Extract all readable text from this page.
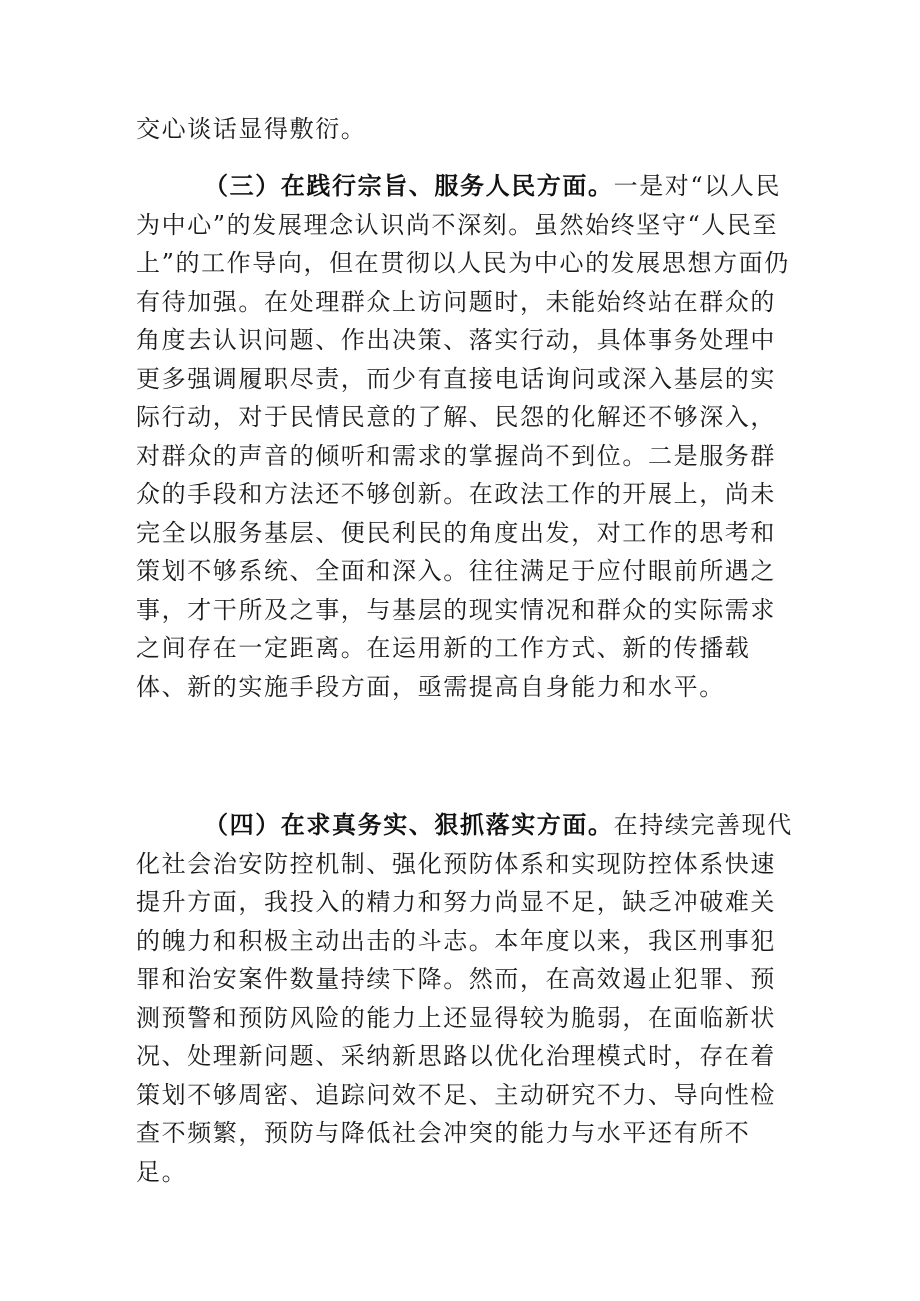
交心谈话显得敷衍。

（三）在践行宗旨、服务人民方面。一是对“以人民为中心”的发展理念认识尚不深刻。虽然始终坚守“人民至上”的工作导向，但在贯彻以人民为中心的发展思想方面仍有待加强。在处理群众上访问题时，未能始终站在群众的角度去认识问题、作出决策、落实行动，具体事务处理中更多强调履职尽责，而少有直接电话询问或深入基层的实际行动，对于民情民意的了解、民怨的化解还不够深入，对群众的声音的倾听和需求的掌握尚不到位。二是服务群众的手段和方法还不够创新。在政法工作的开展上，尚未完全以服务基层、便民利民的角度出发，对工作的思考和策划不够系统、全面和深入。往往满足于应付眼前所遇之事，才干所及之事，与基层的现实情况和群众的实际需求之间存在一定距离。在运用新的工作方式、新的传播载体、新的实施手段方面，亟需提高自身能力和水平。

（四）在求真务实、狠抓落实方面。在持续完善现代化社会治安防控机制、强化预防体系和实现防控体系快速提升方面，我投入的精力和努力尚显不足，缺乏冲破难关的魄力和积极主动出击的斗志。本年度以来，我区刑事犯罪和治安案件数量持续下降。然而，在高效遏止犯罪、预测预警和预防风险的能力上还显得较为脆弱，在面临新状况、处理新问题、采纳新思路以优化治理模式时，存在着策划不够周密、追踪问效不足、主动研究不力、导向性检查不频繁，预防与降低社会冲突的能力与水平还有所不足。
